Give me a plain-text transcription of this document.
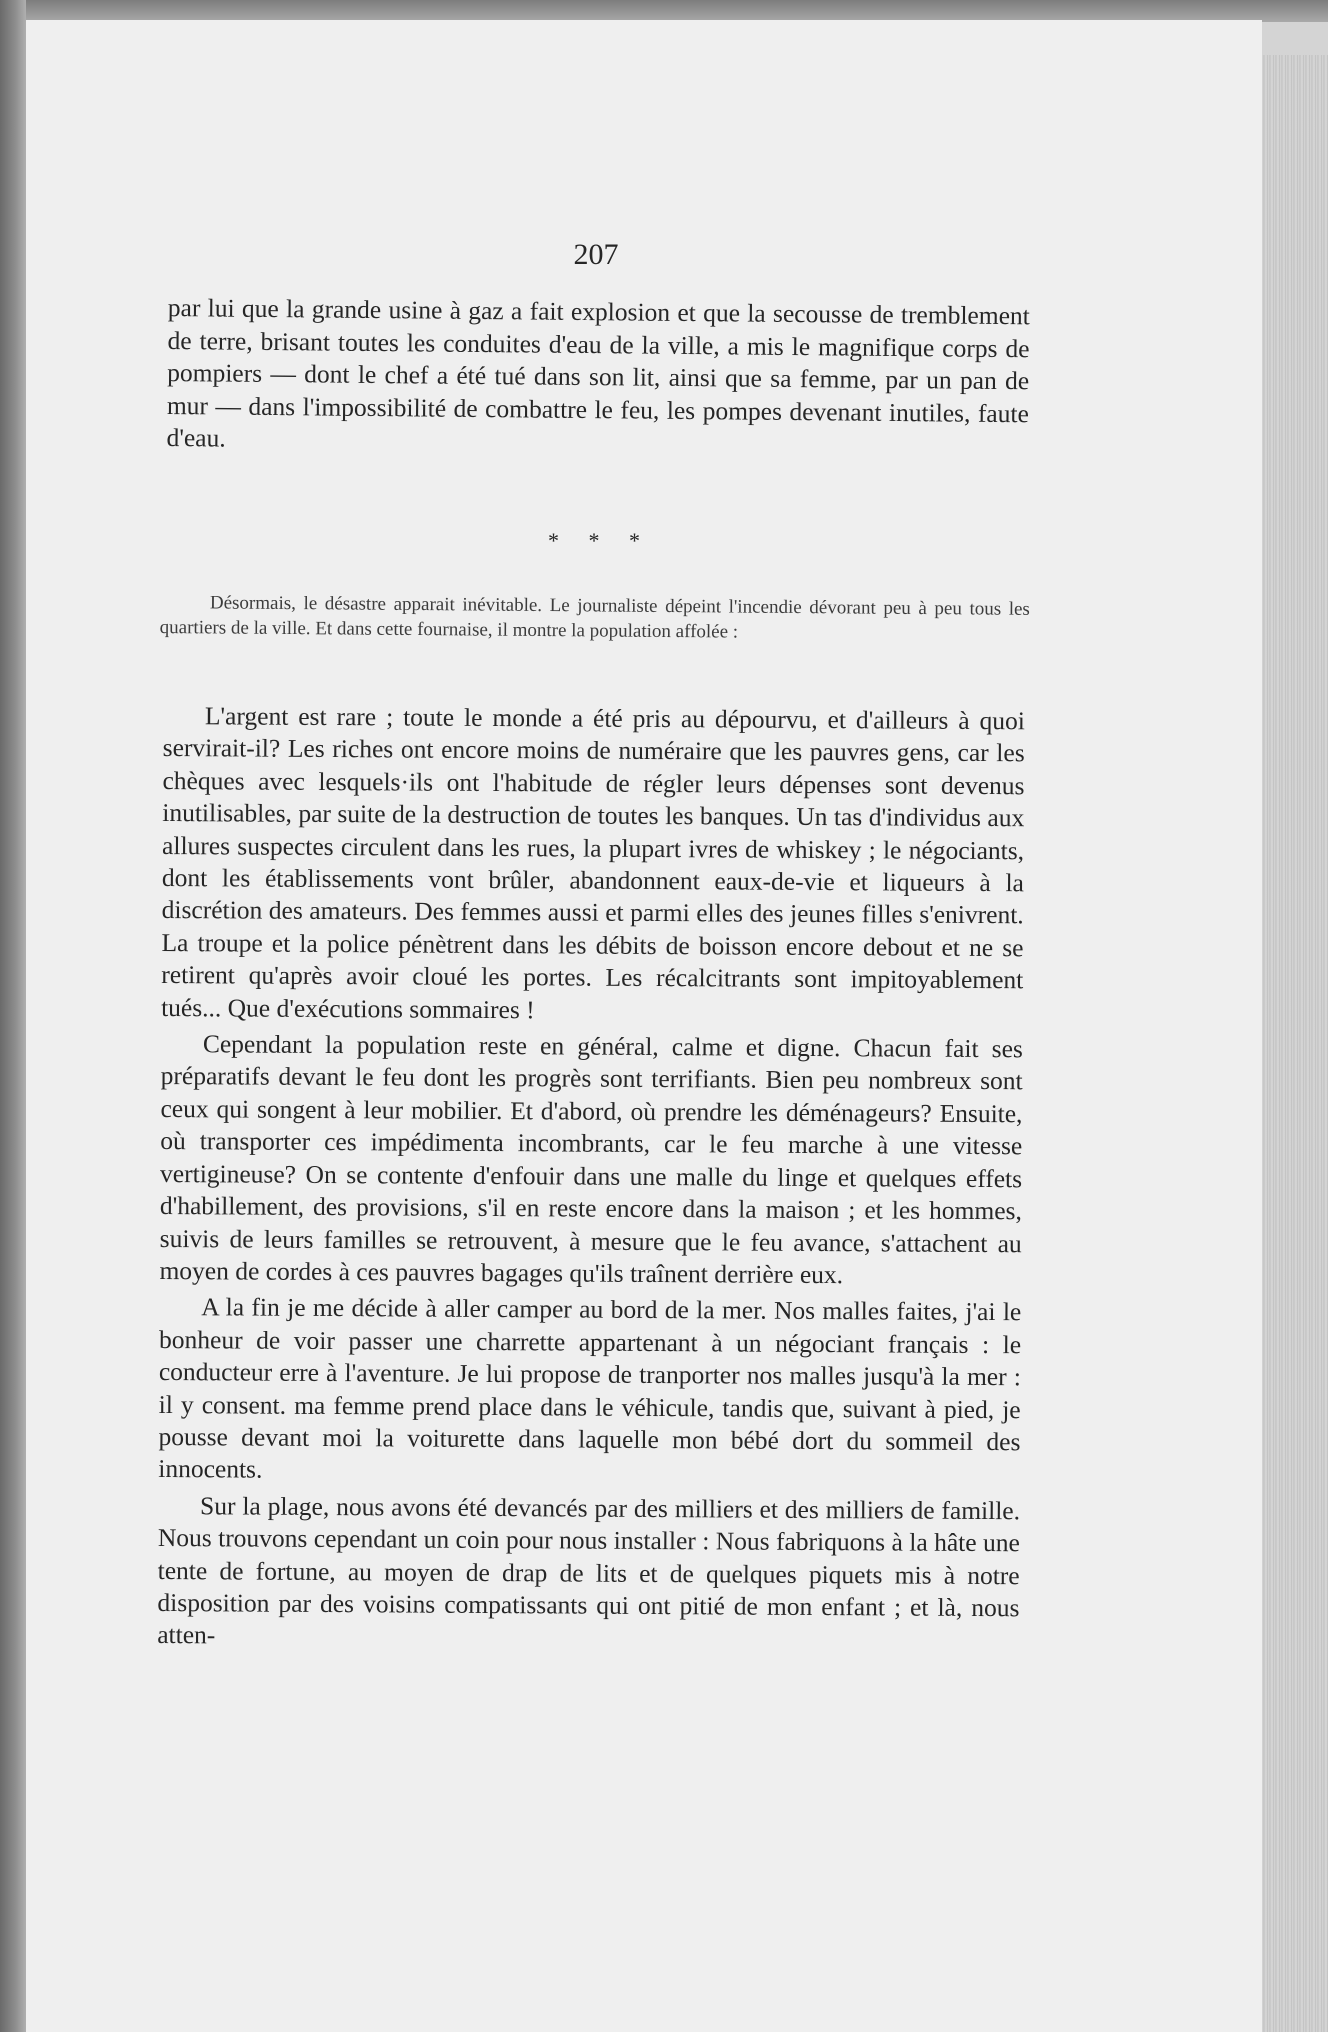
207
par lui que la grande usine à gaz a fait explosion et que la secousse de tremblement de terre, brisant toutes les conduites d'eau de la ville, a mis le magnifique corps de pompiers — dont le chef a été tué dans son lit, ainsi que sa femme, par un pan de mur — dans l'impossibilité de combattre le feu, les pompes devenant inutiles, faute d'eau.
* * *
Désormais, le désastre apparait inévitable. Le journaliste dépeint l'incendie dévorant peu à peu tous les quartiers de la ville. Et dans cette fournaise, il montre la population affolée :

L'argent est rare ; toute le monde a été pris au dépourvu, et d'ailleurs à quoi servirait-il? Les riches ont encore moins de numéraire que les pauvres gens, car les chèques avec lesquels·ils ont l'habitude de régler leurs dépenses sont devenus inutilisables, par suite de la destruction de toutes les banques. Un tas d'individus aux allures suspectes circulent dans les rues, la plupart ivres de whiskey ; le négociants, dont les établissements vont brûler, abandonnent eaux-de-vie et liqueurs à la discrétion des amateurs. Des femmes aussi et parmi elles des jeunes filles s'enivrent. La troupe et la police pénètrent dans les débits de boisson encore debout et ne se retirent qu'après avoir cloué les portes. Les récalcitrants sont impitoyablement tués... Que d'exécutions sommaires !

Cependant la population reste en général, calme et digne. Chacun fait ses préparatifs devant le feu dont les progrès sont terrifiants. Bien peu nombreux sont ceux qui songent à leur mobilier. Et d'abord, où prendre les déménageurs? Ensuite, où transporter ces impédimenta incombrants, car le feu marche à une vitesse vertigineuse? On se contente d'enfouir dans une malle du linge et quelques effets d'habillement, des provisions, s'il en reste encore dans la maison ; et les hommes, suivis de leurs familles se retrouvent, à mesure que le feu avance, s'attachent au moyen de cordes à ces pauvres bagages qu'ils traînent derrière eux.

A la fin je me décide à aller camper au bord de la mer. Nos malles faites, j'ai le bonheur de voir passer une charrette appartenant à un négociant français : le conducteur erre à l'aventure. Je lui propose de tranporter nos malles jusqu'à la mer : il y consent. ma femme prend place dans le véhicule, tandis que, suivant à pied, je pousse devant moi la voiturette dans laquelle mon bébé dort du sommeil des innocents.

Sur la plage, nous avons été devancés par des milliers et des milliers de famille. Nous trouvons cependant un coin pour nous installer : Nous fabriquons à la hâte une tente de fortune, au moyen de drap de lits et de quelques piquets mis à notre disposition par des voisins compatissants qui ont pitié de mon enfant ; et là, nous atten-
